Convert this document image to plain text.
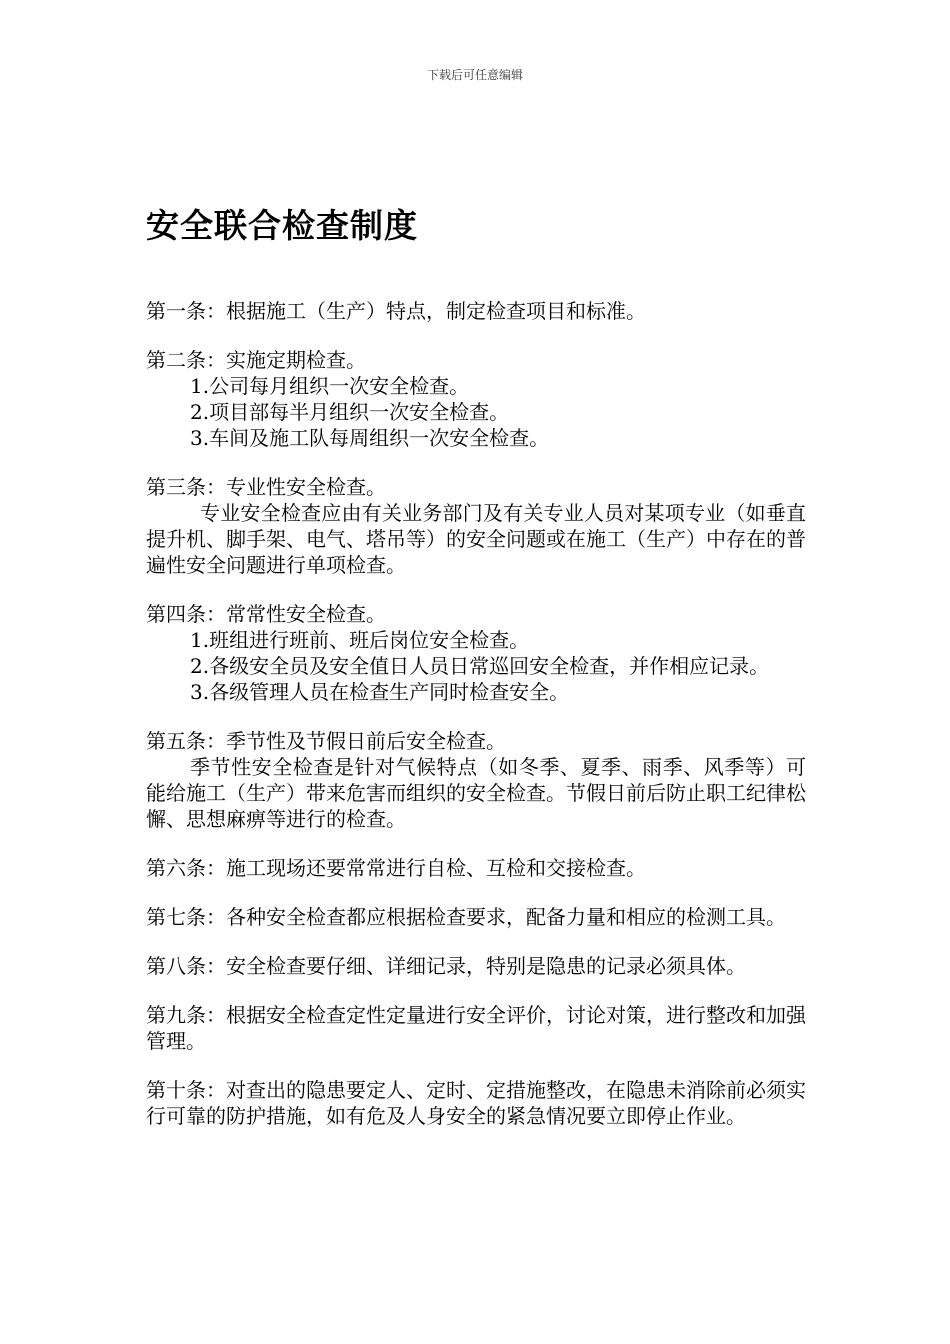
下载后可任意编辑
安全联合检查制度

第一条：根据施工（生产）特点，制定检查项目和标准。

第二条：实施定期检查。

1.公司每月组织一次安全检查。

2.项目部每半月组织一次安全检查。

3.车间及施工队每周组织一次安全检查。

第三条：专业性安全检查。

专业安全检查应由有关业务部门及有关专业人员对某项专业（如垂直提升机、脚手架、电气、塔吊等）的安全问题或在施工（生产）中存在的普遍性安全问题进行单项检查。

第四条：常常性安全检查。

1.班组进行班前、班后岗位安全检查。

2.各级安全员及安全值日人员日常巡回安全检查，并作相应记录。

3.各级管理人员在检查生产同时检查安全。

第五条：季节性及节假日前后安全检查。

季节性安全检查是针对气候特点（如冬季、夏季、雨季、风季等）可能给施工（生产）带来危害而组织的安全检查。节假日前后防止职工纪律松懈、思想麻痹等进行的检查。

第六条：施工现场还要常常进行自检、互检和交接检查。

第七条：各种安全检查都应根据检查要求，配备力量和相应的检测工具。

第八条：安全检查要仔细、详细记录，特别是隐患的记录必须具体。

第九条：根据安全检查定性定量进行安全评价，讨论对策，进行整改和加强管理。

第十条：对查出的隐患要定人、定时、定措施整改，在隐患未消除前必须实行可靠的防护措施，如有危及人身安全的紧急情况要立即停止作业。
